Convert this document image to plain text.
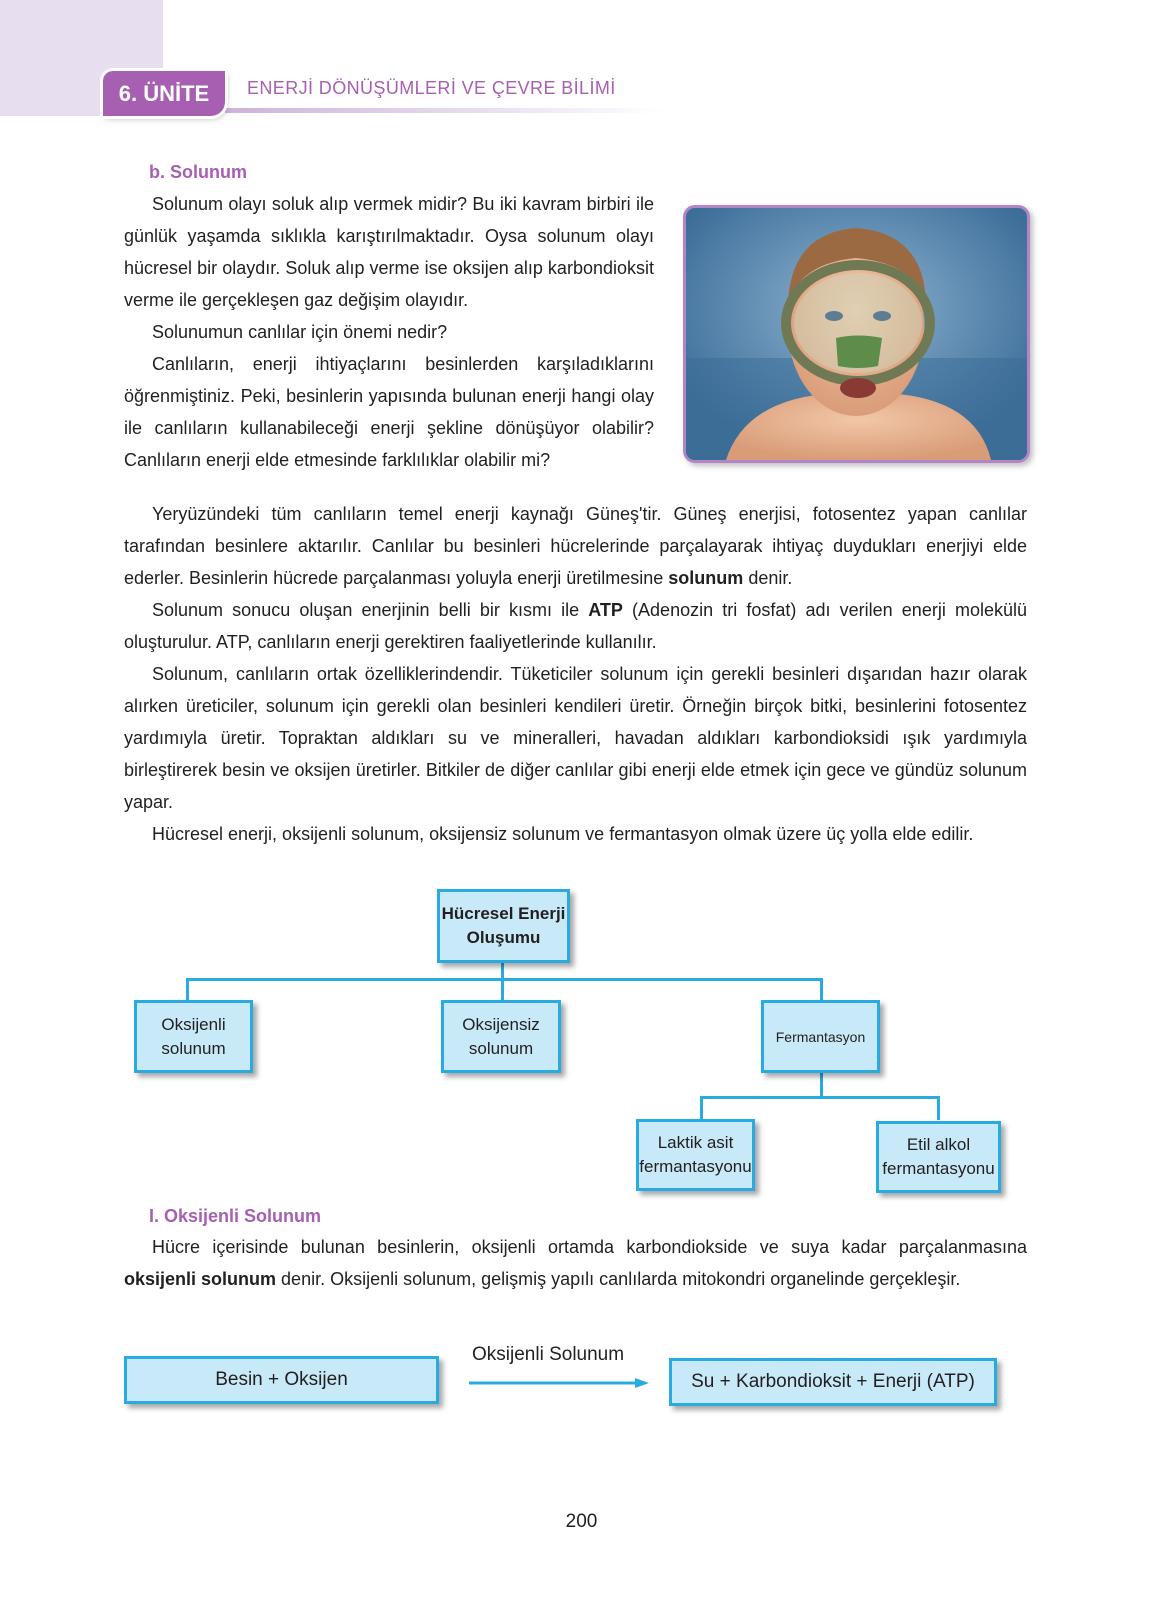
6. ÜNİTE	ENERJİ DÖNÜŞÜMLERİ VE ÇEVRE BİLİMİ
b. Solunum

Solunum olayı soluk alıp vermek midir? Bu iki kavram birbiri ile günlük yaşamda sıklıkla karıştırılmaktadır. Oysa solunum olayı hücresel bir olaydır. Soluk alıp verme ise oksijen alıp karbondioksit verme ile gerçekleşen gaz değişim olayıdır.

Solunumun canlılar için önemi nedir?

Canlıların, enerji ihtiyaçlarını besinlerden karşıladıklarını öğrenmiştiniz. Peki, besinlerin yapısında bulunan enerji hangi olay ile canlıların kullanabileceği enerji şekline dönüşüyor olabilir? Canlıların enerji elde etmesinde farklılıklar olabilir mi?

Yeryüzündeki tüm canlıların temel enerji kaynağı Güneş'tir. Güneş enerjisi, fotosentez yapan canlılar tarafından besinlere aktarılır. Canlılar bu besinleri hücrelerinde parçalayarak ihtiyaç duydukları enerjiyi elde ederler. Besinlerin hücrede parçalanması yoluyla enerji üretilmesine solunum denir.

Solunum sonucu oluşan enerjinin belli bir kısmı ile ATP (Adenozin tri fosfat) adı verilen enerji molekülü oluşturulur. ATP, canlıların enerji gerektiren faaliyetlerinde kullanılır.

Solunum, canlıların ortak özelliklerindendir. Tüketiciler solunum için gerekli besinleri dışarıdan hazır olarak alırken üreticiler, solunum için gerekli olan besinleri kendileri üretir. Örneğin birçok bitki, besinlerini fotosentez yardımıyla üretir. Topraktan aldıkları su ve mineralleri, havadan aldıkları karbondioksidi ışık yardımıyla birleştirerek besin ve oksijen üretirler. Bitkiler de diğer canlılar gibi enerji elde etmek için gece ve gündüz solunum yapar.

Hücresel enerji, oksijenli solunum, oksijensiz solunum ve fermantasyon olmak üzere üç yolla elde edilir.

Hücresel Enerji Oluşumu
Oksijenli solunum
Oksijensiz solunum
Fermantasyon
Laktik asit fermantasyonu
Etil alkol fermantasyonu
I. Oksijenli Solunum

Hücre içerisinde bulunan besinlerin, oksijenli ortamda karbondiokside ve suya kadar parçalanmasına oksijenli solunum denir. Oksijenli solunum, gelişmiş yapılı canlılarda mitokondri organelinde gerçekleşir.

Besin + Oksijen
Oksijenli Solunum
Su + Karbondioksit + Enerji (ATP)
200
